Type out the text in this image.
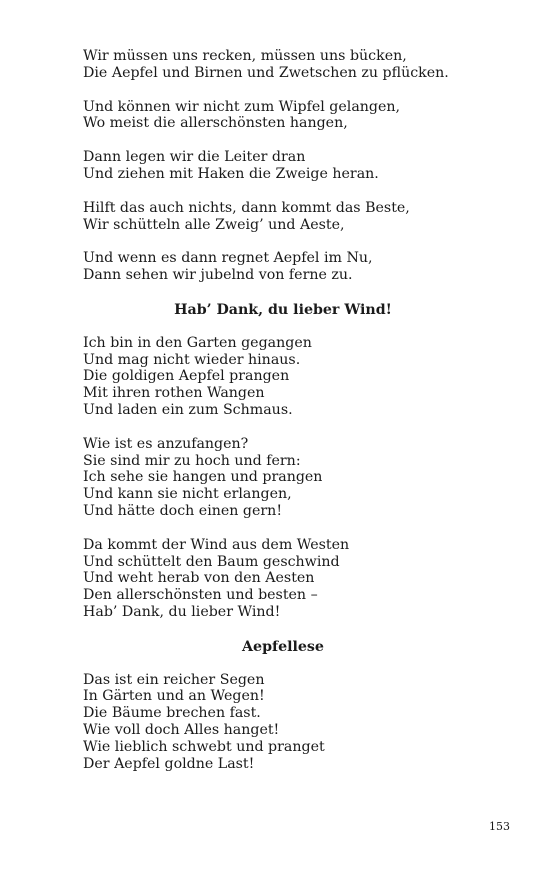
Wir müssen uns recken, müssen uns bücken,
Die Aepfel und Birnen und Zwetschen zu pflücken.
Und können wir nicht zum Wipfel gelangen,
Wo meist die allerschönsten hangen,
Dann legen wir die Leiter dran
Und ziehen mit Haken die Zweige heran.
Hilft das auch nichts, dann kommt das Beste,
Wir schütteln alle Zweig’ und Aeste,
Und wenn es dann regnet Aepfel im Nu,
Dann sehen wir jubelnd von ferne zu.
Hab’ Dank, du lieber Wind!
Ich bin in den Garten gegangen
Und mag nicht wieder hinaus.
Die goldigen Aepfel prangen
Mit ihren rothen Wangen
Und laden ein zum Schmaus.
Wie ist es anzufangen?
Sie sind mir zu hoch und fern:
Ich sehe sie hangen und prangen
Und kann sie nicht erlangen,
Und hätte doch einen gern!
Da kommt der Wind aus dem Westen
Und schüttelt den Baum geschwind
Und weht herab von den Aesten
Den allerschönsten und besten –
Hab’ Dank, du lieber Wind!
Aepfellese
Das ist ein reicher Segen
In Gärten und an Wegen!
Die Bäume brechen fast.
Wie voll doch Alles hanget!
Wie lieblich schwebt und pranget
Der Aepfel goldne Last!
153
